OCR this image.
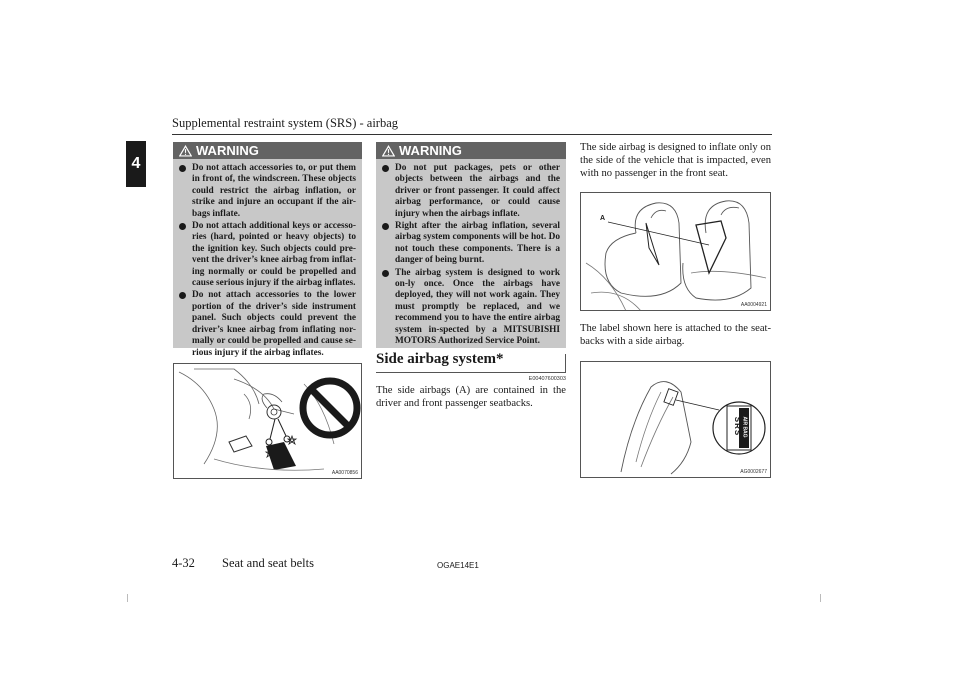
Supplemental restraint system (SRS) - airbag
4
WARNING
Do not attach accessories to, or put them in front of, the windscreen. These objects could restrict the airbag inflation, or strike and injure an occupant if the air-bags inflate.
Do not attach additional keys or accesso-ries (hard, pointed or heavy objects) to the ignition key. Such objects could pre-vent the driver’s knee airbag from inflat-ing normally or could be propelled and cause serious injury if the airbag inflates.
Do not attach accessories to the lower portion of the driver’s side instrument panel. Such objects could prevent the driver’s knee airbag from inflating nor-mally or could be propelled and cause se-rious injury if the airbag inflates.
AA0070856
WARNING
Do not put packages, pets or other objects between the airbags and the driver or front passenger. It could affect airbag performance, or could cause injury when the airbags inflate.
Right after the airbag inflation, several airbag system components will be hot. Do not touch these components. There is a danger of being burnt.
The airbag system is designed to work on-ly once. Once the airbags have deployed, they will not work again. They must promptly be replaced, and we recommend you to have the entire airbag system in-spected by a MITSUBISHI MOTORS Authorized Service Point.
Side airbag system*
E00407600303
The side airbags (A) are contained in the driver and front passenger seatbacks.
The side airbag is designed to inflate only on the side of the vehicle that is impacted, even with no passenger in the front seat.
A
AA0004921
The label shown here is attached to the seat-backs with a side airbag.
SRS AIR BAG
AG0002677
4-32 Seat and seat belts	OGAE14E1
